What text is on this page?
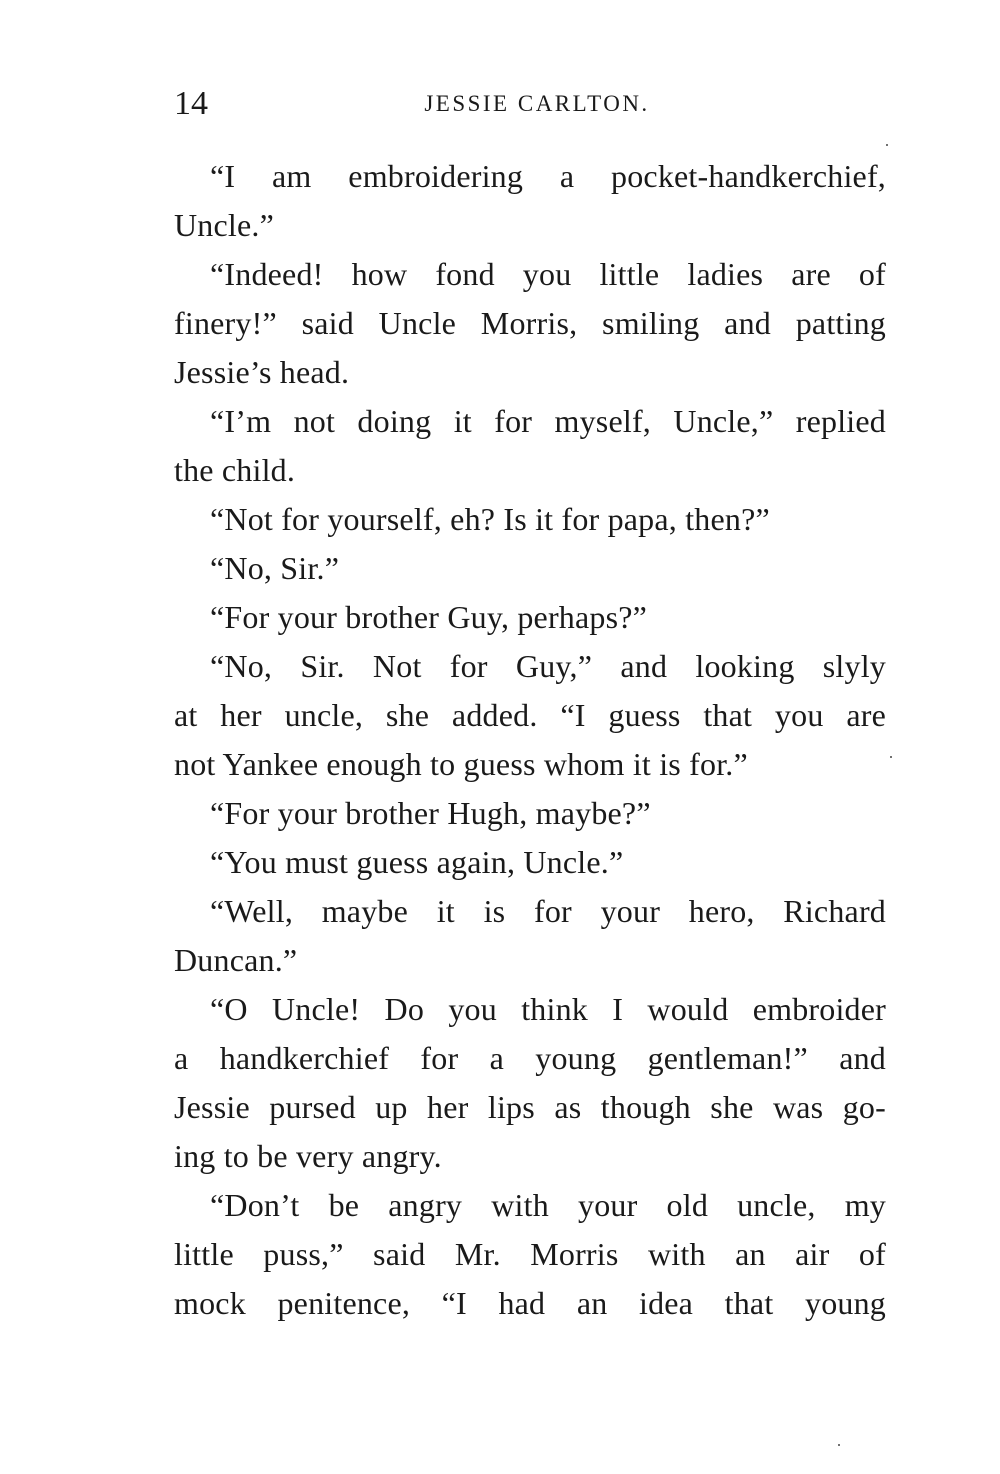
14	JESSIE CARLTON.
“I am embroidering a pocket-handkerchief,
Uncle.”
“Indeed! how fond you little ladies are of
finery!” said Uncle Morris, smiling and patting
Jessie’s head.
“I’m not doing it for myself, Uncle,” replied
the child.
“Not for yourself, eh? Is it for papa, then?”
“No, Sir.”
“For your brother Guy, perhaps?”
“No, Sir. Not for Guy,” and looking slyly
at her uncle, she added. “I guess that you are
not Yankee enough to guess whom it is for.”
“For your brother Hugh, maybe?”
“You must guess again, Uncle.”
“Well, maybe it is for your hero, Richard
Duncan.”
“O Uncle! Do you think I would embroider
a handkerchief for a young gentleman!” and
Jessie pursed up her lips as though she was go-
ing to be very angry.
“Don’t be angry with your old uncle, my
little puss,” said Mr. Morris with an air of
mock penitence, “I had an idea that young
